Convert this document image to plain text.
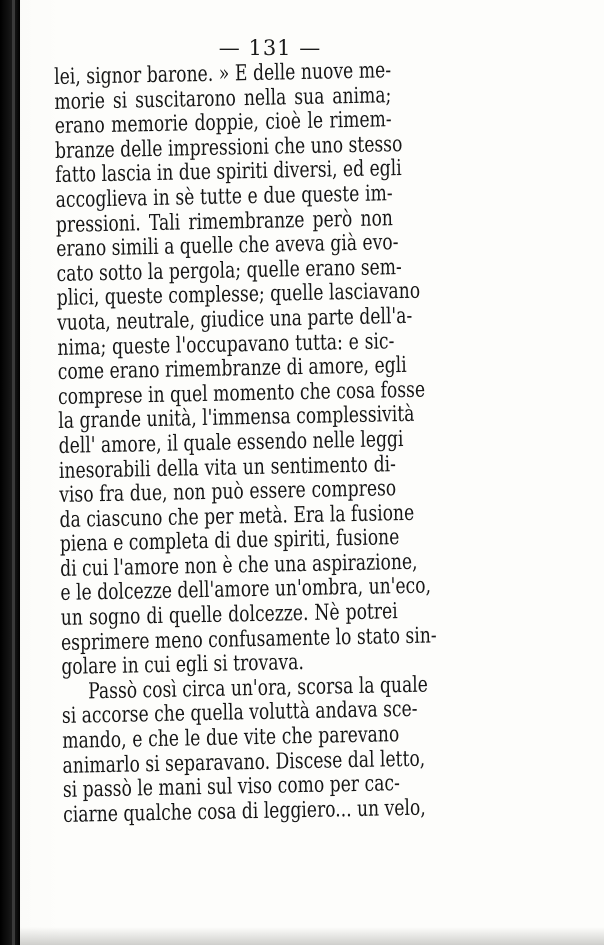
— 131 —
lei, signor barone. » E delle nuove me-
morie si suscitarono nella sua anima;
erano memorie doppie, cioè le rimem-
branze delle impressioni che uno stesso
fatto lascia in due spiriti diversi, ed egli
accoglieva in sè tutte e due queste im-
pressioni. Tali rimembranze però non
erano simili a quelle che aveva già evo-
cato sotto la pergola; quelle erano sem-
plici, queste complesse; quelle lasciavano
vuota, neutrale, giudice una parte dell'a-
nima; queste l'occupavano tutta: e sic-
come erano rimembranze di amore, egli
comprese in quel momento che cosa fosse
la grande unità, l'immensa complessività
dell' amore, il quale essendo nelle leggi
inesorabili della vita un sentimento di-
viso fra due, non può essere compreso
da ciascuno che per metà. Era la fusione
piena e completa di due spiriti, fusione
di cui l'amore non è che una aspirazione,
e le dolcezze dell'amore un'ombra, un'eco,
un sogno di quelle dolcezze. Nè potrei
esprimere meno confusamente lo stato sin-
golare in cui egli si trovava.
Passò così circa un'ora, scorsa la quale
si accorse che quella voluttà andava sce-
mando, e che le due vite che parevano
animarlo si separavano. Discese dal letto,
si passò le mani sul viso como per cac-
ciarne qualche cosa di leggiero... un velo,
